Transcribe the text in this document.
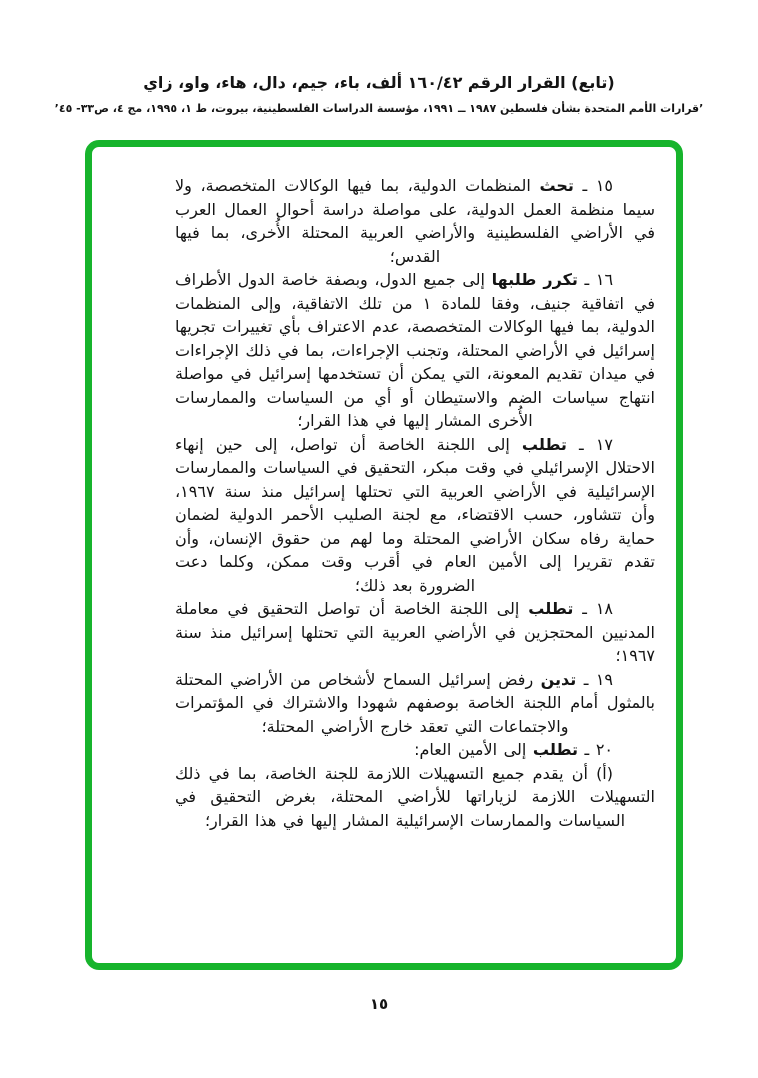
(تابع) القرار الرقم ١٦٠/٤٢ ألف، باء، جيم، دال، هاء، واو، زاي
’قرارات الأمم المتحدة بشأن فلسطين ١٩٨٧ ــ ١٩٩١، مؤسسة الدراسات الفلسطينية، بيروت، ط ١، ١٩٩٥، مج ٤، ص٣٣- ٤٥’

١٥ ـ تحث المنظمات الدولية، بما فيها الوكالات المتخصصة، ولا سيما منظمة العمل الدولية، على مواصلة دراسة أحوال العمال العرب في الأراضي الفلسطينية والأراضي العربية المحتلة الأُخرى، بما فيها القدس؛

١٦ ـ تكرر طلبها إلى جميع الدول، وبصفة خاصة الدول الأطراف في اتفاقية جنيف، وفقا للمادة ١ من تلك الاتفاقية، وإلى المنظمات الدولية، بما فيها الوكالات المتخصصة، عدم الاعتراف بأي تغييرات تجريها إسرائيل في الأراضي المحتلة، وتجنب الإجراءات، بما في ذلك الإجراءات في ميدان تقديم المعونة، التي يمكن أن تستخدمها إسرائيل في مواصلة انتهاج سياسات الضم والاستيطان أو أي من السياسات والممارسات الأُخرى المشار إليها في هذا القرار؛

١٧ ـ تطلب إلى اللجنة الخاصة أن تواصل، إلى حين إنهاء الاحتلال الإسرائيلي في وقت مبكر، التحقيق في السياسات والممارسات الإسرائيلية في الأراضي العربية التي تحتلها إسرائيل منذ سنة ١٩٦٧، وأن تتشاور، حسب الاقتضاء، مع لجنة الصليب الأحمر الدولية لضمان حماية رفاه سكان الأراضي المحتلة وما لهم من حقوق الإنسان، وأن تقدم تقريرا إلى الأمين العام في أقرب وقت ممكن، وكلما دعت الضرورة بعد ذلك؛

١٨ ـ تطلب إلى اللجنة الخاصة أن تواصل التحقيق في معاملة المدنيين المحتجزين في الأراضي العربية التي تحتلها إسرائيل منذ سنة ١٩٦٧؛

١٩ ـ تدين رفض إسرائيل السماح لأشخاص من الأراضي المحتلة بالمثول أمام اللجنة الخاصة بوصفهم شهودا والاشتراك في المؤتمرات والاجتماعات التي تعقد خارج الأراضي المحتلة؛

٢٠ ـ تطلب إلى الأمين العام:

(أ) أن يقدم جميع التسهيلات اللازمة للجنة الخاصة، بما في ذلك التسهيلات اللازمة لزياراتها للأراضي المحتلة، بغرض التحقيق في السياسات والممارسات الإسرائيلية المشار إليها في هذا القرار؛

١٥
